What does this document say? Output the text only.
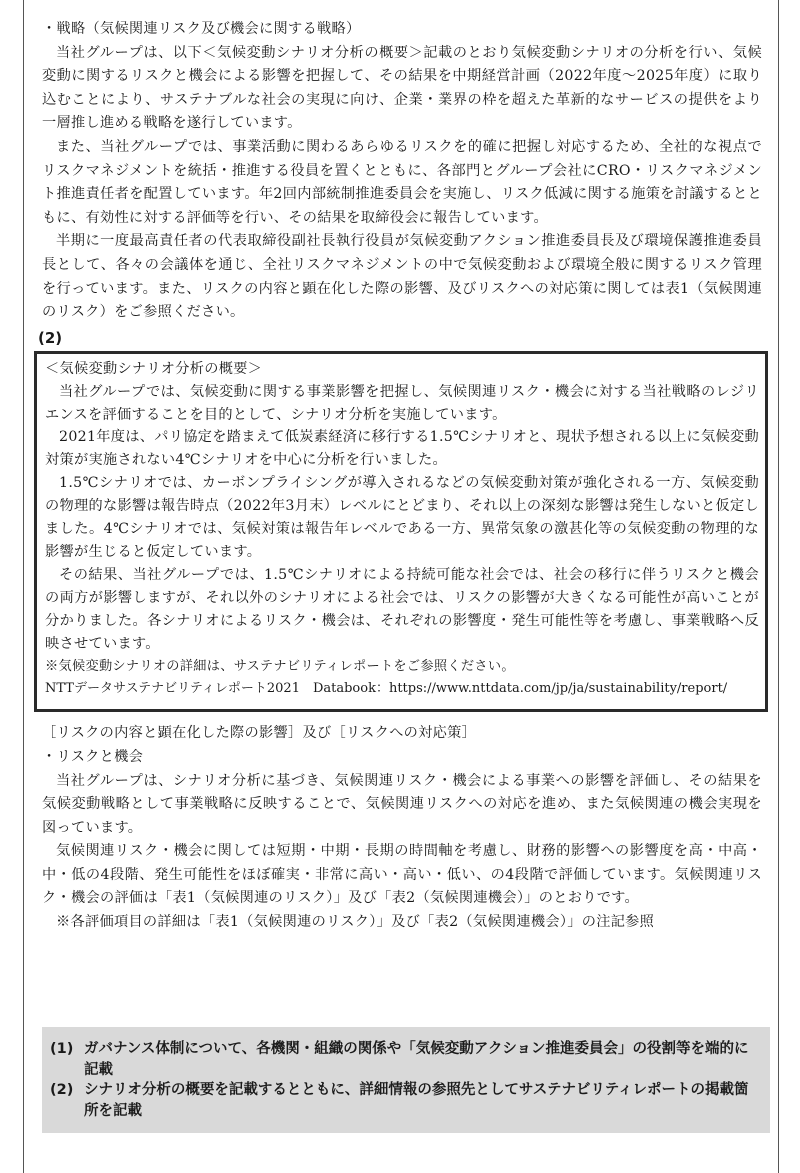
・戦略（気候関連リスク及び機会に関する戦略）

当社グループは、以下＜気候変動シナリオ分析の概要＞記載のとおり気候変動シナリオの分析を行い、気候変動に関するリスクと機会による影響を把握して、その結果を中期経営計画（2022年度～2025年度）に取り込むことにより、サステナブルな社会の実現に向け、企業・業界の枠を超えた革新的なサービスの提供をより一層推し進める戦略を遂行しています。

また、当社グループでは、事業活動に関わるあらゆるリスクを的確に把握し対応するため、全社的な視点でリスクマネジメントを統括・推進する役員を置くとともに、各部門とグループ会社にCRO・リスクマネジメント推進責任者を配置しています。年2回内部統制推進委員会を実施し、リスク低減に関する施策を討議するとともに、有効性に対する評価等を行い、その結果を取締役会に報告しています。

半期に一度最高責任者の代表取締役副社長執行役員が気候変動アクション推進委員長及び環境保護推進委員長として、各々の会議体を通じ、全社リスクマネジメントの中で気候変動および環境全般に関するリスク管理を行っています。また、リスクの内容と顕在化した際の影響、及びリスクへの対応策に関しては表1（気候関連のリスク）をご参照ください。

(2)

＜気候変動シナリオ分析の概要＞

当社グループでは、気候変動に関する事業影響を把握し、気候関連リスク・機会に対する当社戦略のレジリエンスを評価することを目的として、シナリオ分析を実施しています。

2021年度は、パリ協定を踏まえて低炭素経済に移行する1.5℃シナリオと、現状予想される以上に気候変動対策が実施されない4℃シナリオを中心に分析を行いました。

1.5℃シナリオでは、カーボンプライシングが導入されるなどの気候変動対策が強化される一方、気候変動の物理的な影響は報告時点（2022年3月末）レベルにとどまり、それ以上の深刻な影響は発生しないと仮定しました。4℃シナリオでは、気候対策は報告年レベルである一方、異常気象の激甚化等の気候変動の物理的な影響が生じると仮定しています。

その結果、当社グループでは、1.5℃シナリオによる持続可能な社会では、社会の移行に伴うリスクと機会の両方が影響しますが、それ以外のシナリオによる社会では、リスクの影響が大きくなる可能性が高いことが分かりました。各シナリオによるリスク・機会は、それぞれの影響度・発生可能性等を考慮し、事業戦略へ反映させています。

※気候変動シナリオの詳細は、サステナビリティレポートをご参照ください。

NTTデータサステナビリティレポート2021　Databook：https://www.nttdata.com/jp/ja/sustainability/report/

［リスクの内容と顕在化した際の影響］及び［リスクへの対応策］

・リスクと機会

当社グループは、シナリオ分析に基づき、気候関連リスク・機会による事業への影響を評価し、その結果を気候変動戦略として事業戦略に反映することで、気候関連リスクへの対応を進め、また気候関連の機会実現を図っています。

気候関連リスク・機会に関しては短期・中期・長期の時間軸を考慮し、財務的影響への影響度を高・中高・中・低の4段階、発生可能性をほぼ確実・非常に高い・高い・低い、の4段階で評価しています。気候関連リスク・機会の評価は「表1（気候関連のリスク）」及び「表2（気候関連機会）」のとおりです。

※各評価項目の詳細は「表1（気候関連のリスク）」及び「表2（気候関連機会）」の注記参照

(1) ガバナンス体制について、各機関・組織の関係や「気候変動アクション推進委員会」の役割等を端的に記載
(2) シナリオ分析の概要を記載するとともに、詳細情報の参照先としてサステナビリティレポートの掲載箇所を記載
